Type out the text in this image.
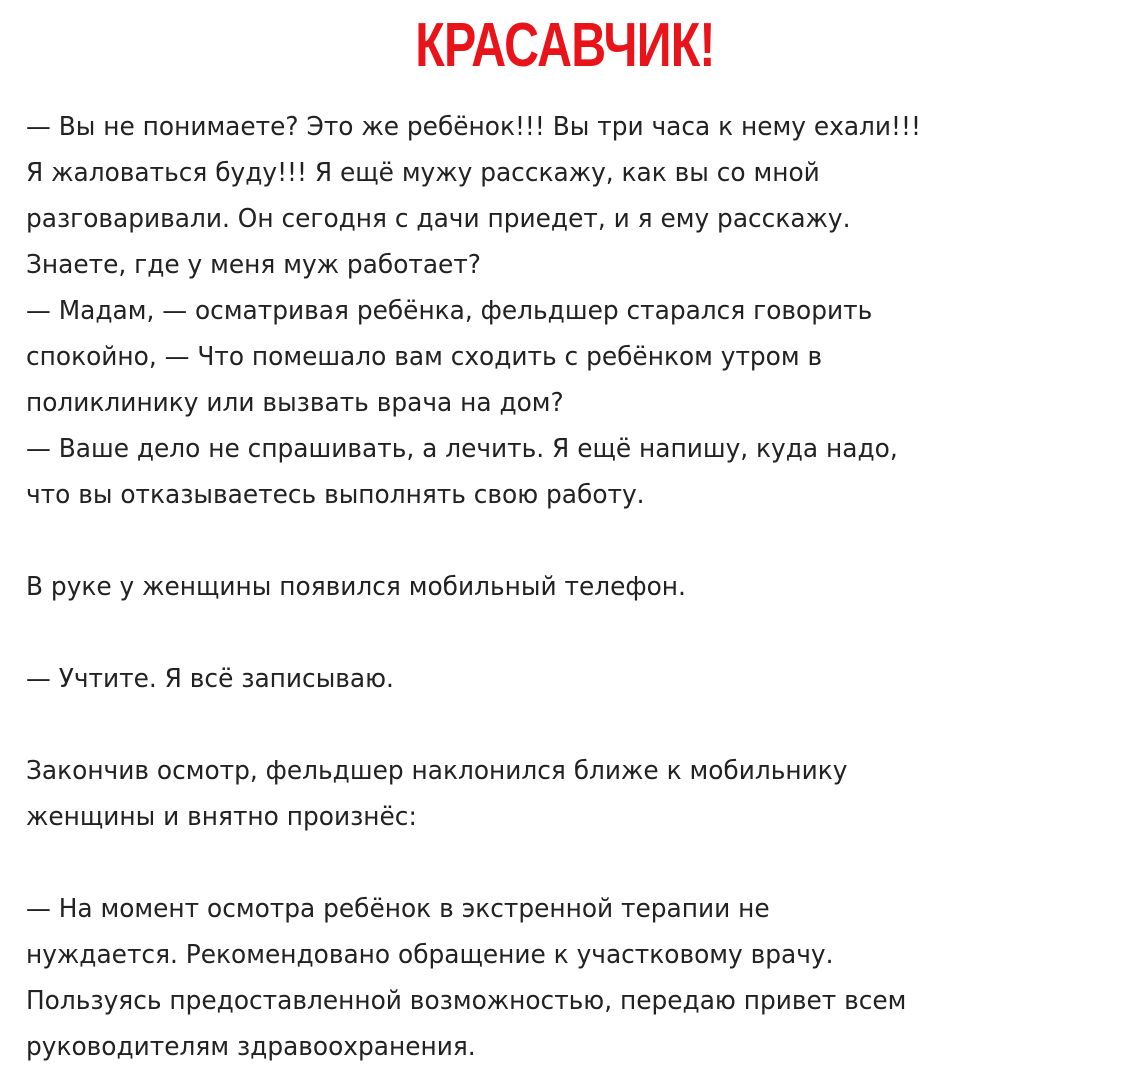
КРАСАВЧИК!
— Вы не понимаете? Это же ребёнок!!! Вы три часа к нему ехали!!!
Я жаловаться буду!!! Я ещё мужу расскажу, как вы со мной
разговаривали. Он сегодня с дачи приедет, и я ему расскажу.
Знаете, где у меня муж работает?
— Мадам, — осматривая ребёнка, фельдшер старался говорить
спокойно, — Что помешало вам сходить с ребёнком утром в
поликлинику или вызвать врача на дом?
— Ваше дело не спрашивать, а лечить. Я ещё напишу, куда надо,
что вы отказываетесь выполнять свою работу.
В руке у женщины появился мобильный телефон.
— Учтите. Я всё записываю.
Закончив осмотр, фельдшер наклонился ближе к мобильнику
женщины и внятно произнёс:
— На момент осмотра ребёнок в экстренной терапии не
нуждается. Рекомендовано обращение к участковому врачу.
Пользуясь предоставленной возможностью, передаю привет всем
руководителям здравоохранения.
